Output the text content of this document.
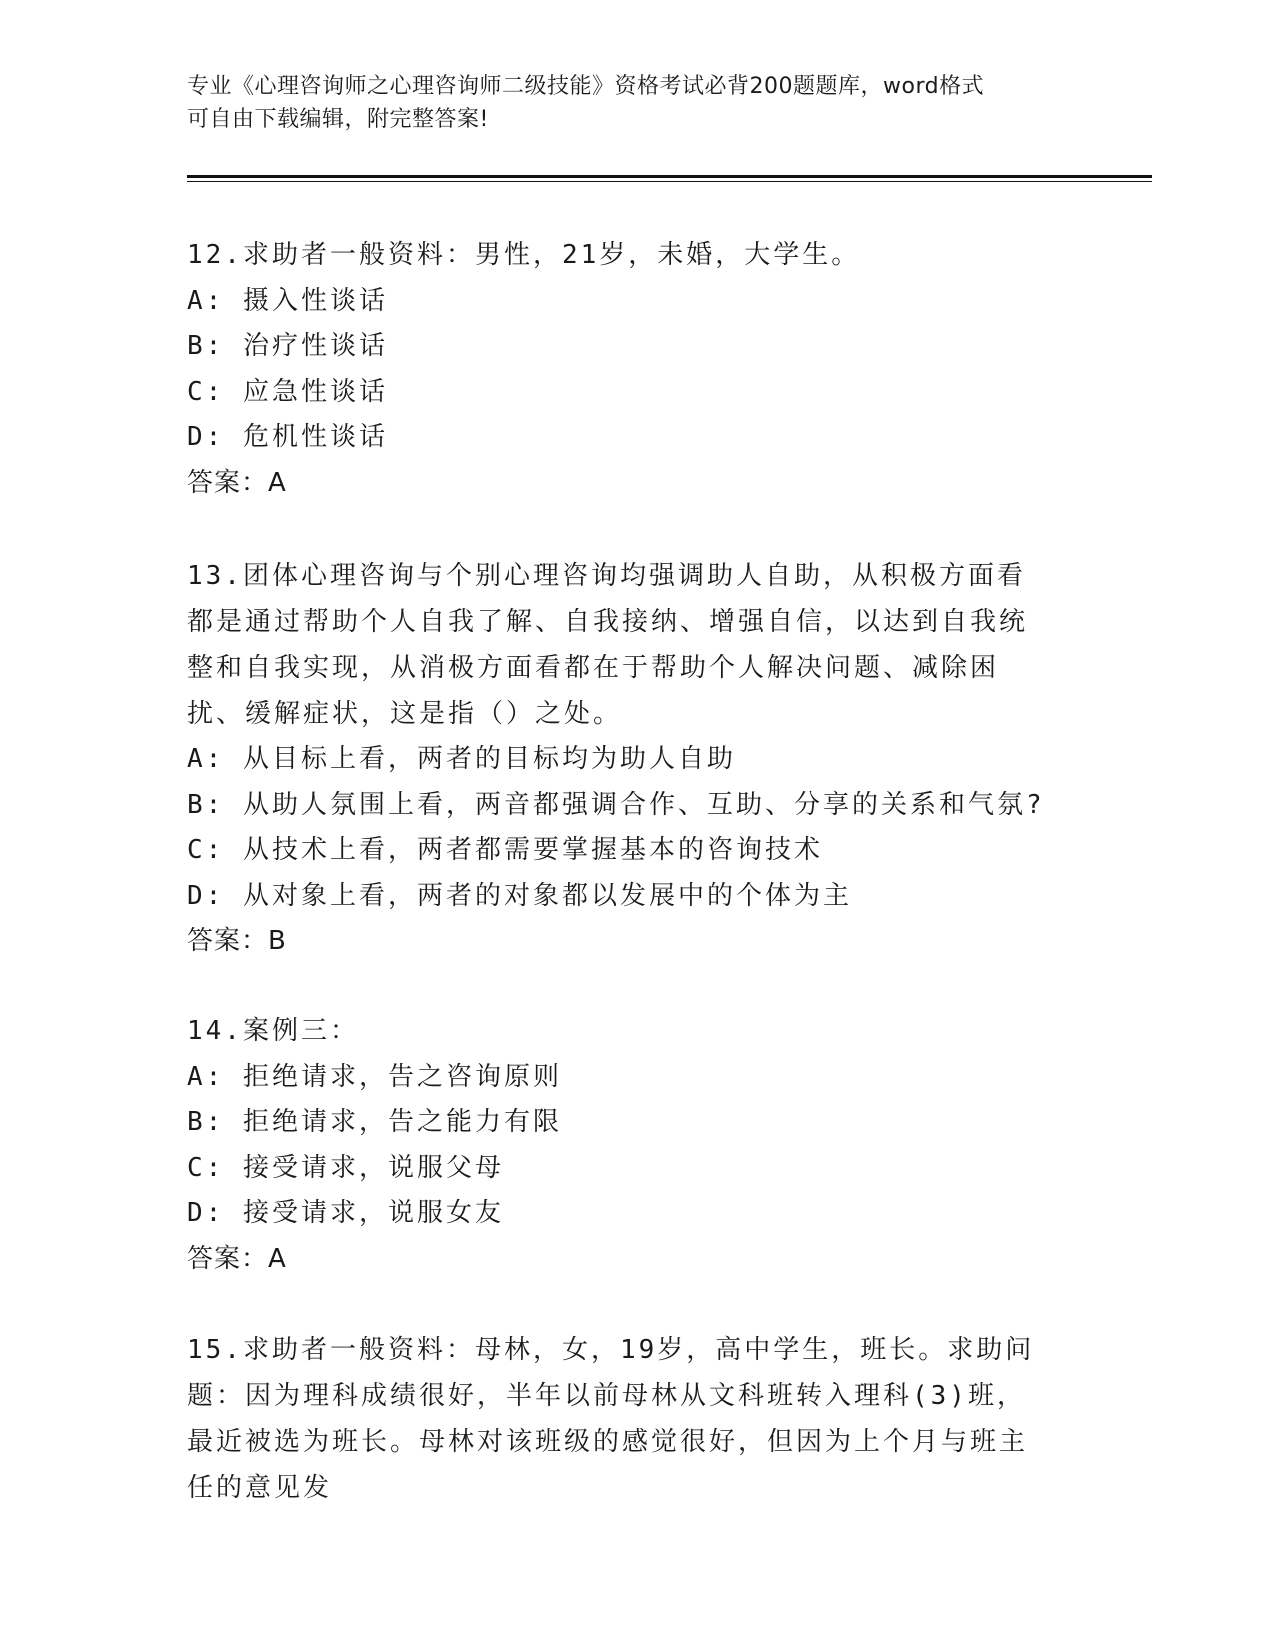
专业《心理咨询师之心理咨询师二级技能》资格考试必背200题题库，word格式
可自由下载编辑，附完整答案!
12.求助者一般资料：男性，21岁，未婚，大学生。
A: 摄入性谈话
B: 治疗性谈话
C: 应急性谈话
D: 危机性谈话
答案：A
13.团体心理咨询与个别心理咨询均强调助人自助，从积极方面看都是通过帮助个人自我了解、自我接纳、增强自信，以达到自我统整和自我实现，从消极方面看都在于帮助个人解决问题、减除困扰、缓解症状，这是指（）之处。
A: 从目标上看，两者的目标均为助人自助
B: 从助人氛围上看，两音都强调合作、互助、分享的关系和气氛?
C: 从技术上看，两者都需要掌握基本的咨询技术
D: 从对象上看，两者的对象都以发展中的个体为主
答案：B
14.案例三：
A: 拒绝请求，告之咨询原则
B: 拒绝请求，告之能力有限
C: 接受请求，说服父母
D: 接受请求，说服女友
答案：A
15.求助者一般资料：母林，女，19岁，高中学生，班长。求助问题：因为理科成绩很好，半年以前母林从文科班转入理科(3)班，最近被选为班长。母林对该班级的感觉很好，但因为上个月与班主任的意见发
